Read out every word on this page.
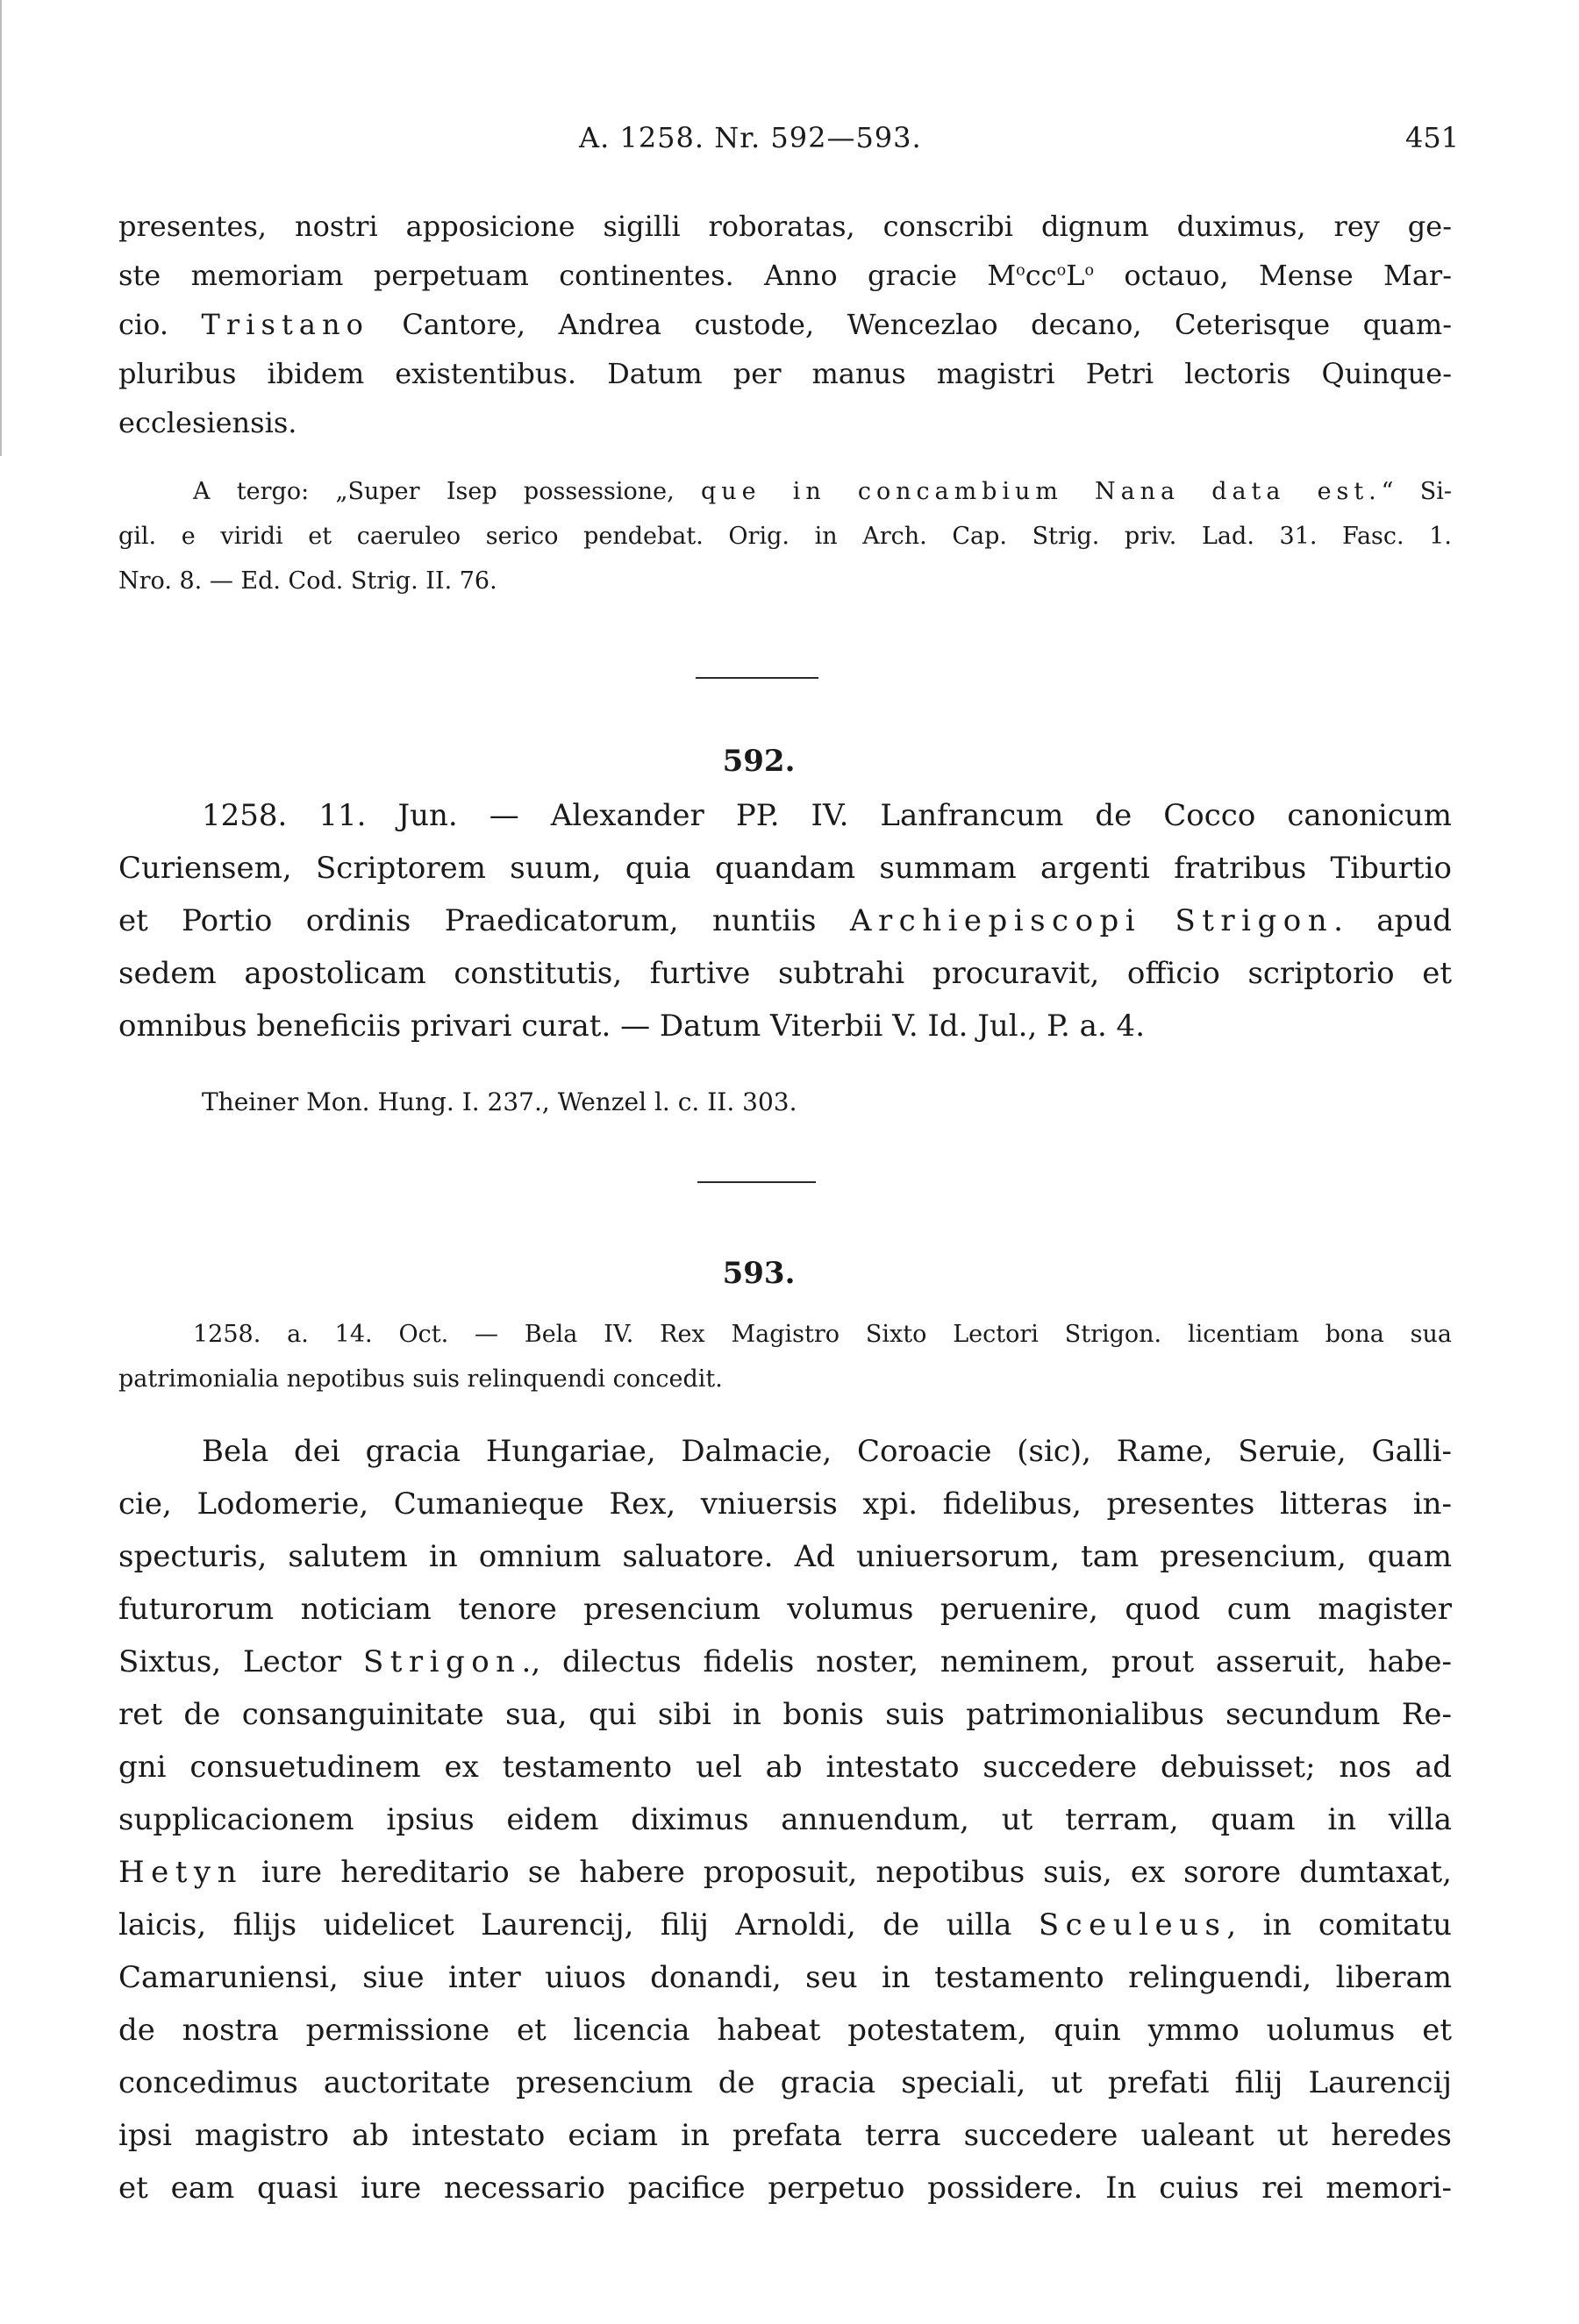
A. 1258. Nr. 592—593.	451
presentes, nostri apposicione sigilli roboratas, conscribi dignum duximus, rey ge-
ste memoriam perpetuam continentes. Anno gracie $M^occ^oL^o$ octauo, Mense Mar-
cio. Tristano Cantore, Andrea custode, Wencezlao decano, Ceterisque quam-
pluribus ibidem existentibus. Datum per manus magistri Petri lectoris Quinque-
ecclesiensis.
A tergo: „Super Isep possessione, que in concambium Nana data est.“ Si-
gil. e viridi et caeruleo serico pendebat. Orig. in Arch. Cap. Strig. priv. Lad. 31. Fasc. 1.
Nro. 8. — Ed. Cod. Strig. II. 76.
592.
1258. 11. Jun. — Alexander PP. IV. Lanfrancum de Cocco canonicum
Curiensem, Scriptorem suum, quia quandam summam argenti fratribus Tiburtio
et Portio ordinis Praedicatorum, nuntiis Archiepiscopi Strigon. apud
sedem apostolicam constitutis, furtive subtrahi procuravit, officio scriptorio et
omnibus beneficiis privari curat. — Datum Viterbii V. Id. Jul., P. a. 4.
Theiner Mon. Hung. I. 237., Wenzel l. c. II. 303.
593.
1258. a. 14. Oct. — Bela IV. Rex Magistro Sixto Lectori Strigon. licentiam bona sua
patrimonialia nepotibus suis relinquendi concedit.
Bela dei gracia Hungariae, Dalmacie, Coroacie (sic), Rame, Seruie, Galli-
cie, Lodomerie, Cumanieque Rex, vniuersis xpi. fidelibus, presentes litteras in-
specturis, salutem in omnium saluatore. Ad uniuersorum, tam presencium, quam
futurorum noticiam tenore presencium volumus peruenire, quod cum magister
Sixtus, Lector Strigon., dilectus fidelis noster, neminem, prout asseruit, habe-
ret de consanguinitate sua, qui sibi in bonis suis patrimonialibus secundum Re-
gni consuetudinem ex testamento uel ab intestato succedere debuisset; nos ad
supplicacionem ipsius eidem diximus annuendum, ut terram, quam in villa
Hetyn iure hereditario se habere proposuit, nepotibus suis, ex sorore dumtaxat,
laicis, filijs uidelicet Laurencij, filij Arnoldi, de uilla Sceuleus, in comitatu
Camaruniensi, siue inter uiuos donandi, seu in testamento relinguendi, liberam
de nostra permissione et licencia habeat potestatem, quin ymmo uolumus et
concedimus auctoritate presencium de gracia speciali, ut prefati filij Laurencij
ipsi magistro ab intestato eciam in prefata terra succedere ualeant ut heredes
et eam quasi iure necessario pacifice perpetuo possidere. In cuius rei memori-
